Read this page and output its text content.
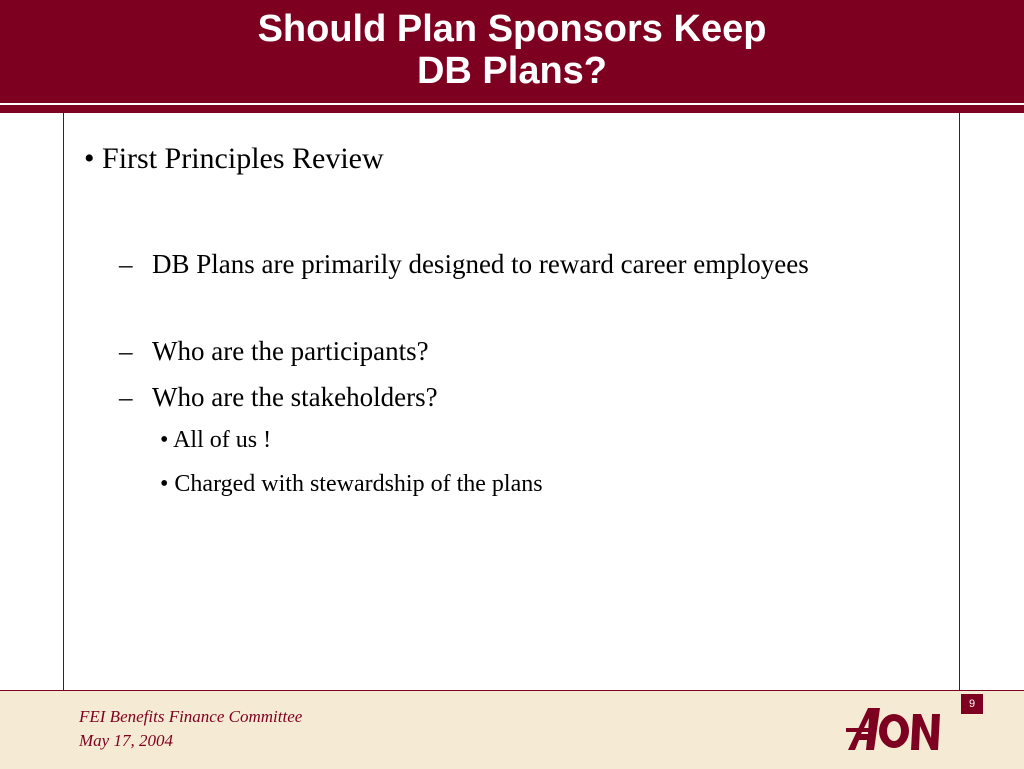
Should Plan Sponsors Keep
DB Plans?
• First Principles Review
– DB Plans are primarily designed to reward career employees
– Who are the participants?
– Who are the stakeholders?
• All of us !
• Charged with stewardship of the plans
FEI Benefits Finance Committee
May 17, 2004
9
